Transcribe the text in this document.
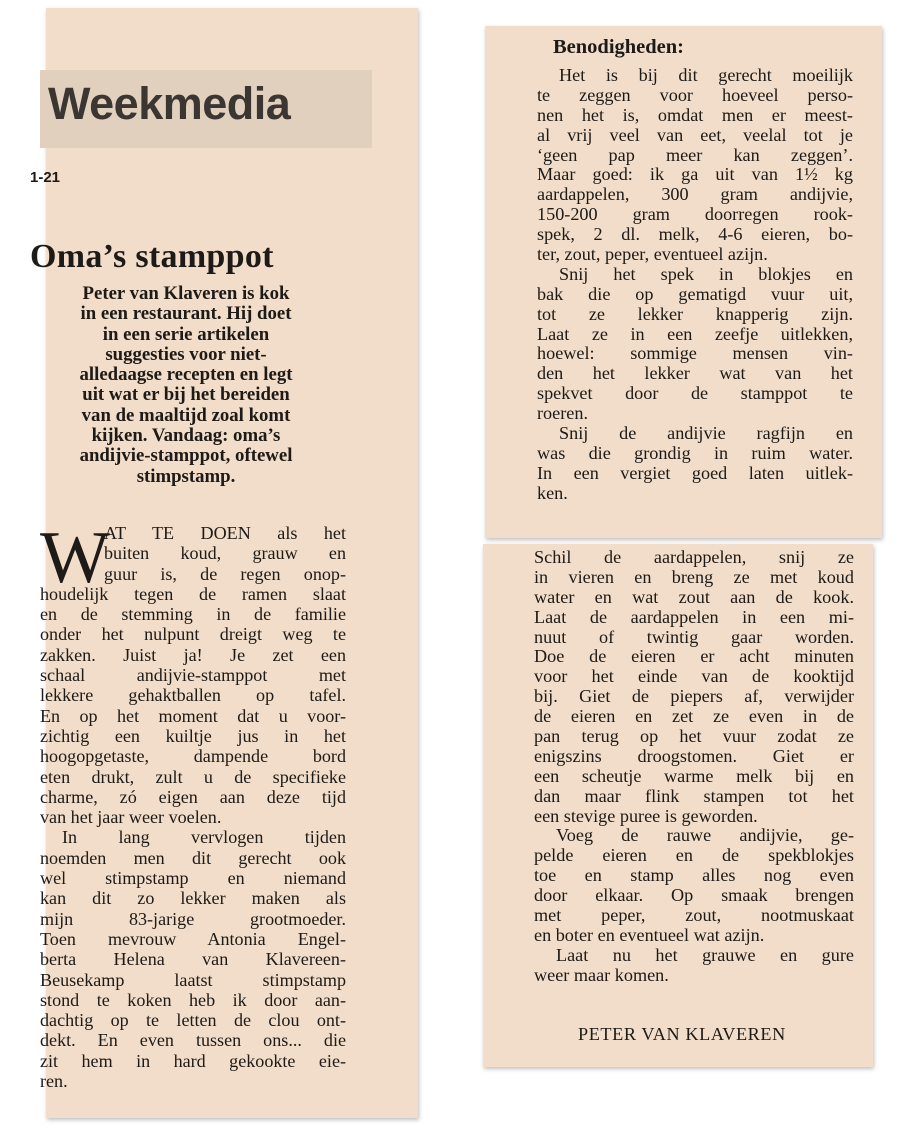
Weekmedia
1-21
Oma’s stamppot
Peter van Klaveren is kok
in een restaurant. Hij doet
in een serie artikelen
suggesties voor niet-
alledaagse recepten en legt
uit wat er bij het bereiden
van de maaltijd zoal komt
kijken. Vandaag: oma’s
andijvie-stamppot, oftewel
stimpstamp.
W
AT TE DOEN als het
buiten koud, grauw en
guur is, de regen onop-
houdelijk tegen de ramen slaat
en de stemming in de familie
onder het nulpunt dreigt weg te
zakken. Juist ja! Je zet een
schaal andijvie-stamppot met
lekkere gehaktballen op tafel.
En op het moment dat u voor-
zichtig een kuiltje jus in het
hoogopgetaste, dampende bord
eten drukt, zult u de specifieke
charme, zó eigen aan deze tijd
van het jaar weer voelen.
In lang vervlogen tijden
noemden men dit gerecht ook
wel stimpstamp en niemand
kan dit zo lekker maken als
mijn 83-jarige grootmoeder.
Toen mevrouw Antonia Engel-
berta Helena van Klavereen-
Beusekamp laatst stimpstamp
stond te koken heb ik door aan-
dachtig op te letten de clou ont-
dekt. En even tussen ons... die
zit hem in hard gekookte eie-
ren.
Benodigheden:
Het is bij dit gerecht moeilijk
te zeggen voor hoeveel perso-
nen het is, omdat men er meest-
al vrij veel van eet, veelal tot je
‘geen pap meer kan zeggen’.
Maar goed: ik ga uit van 1½ kg
aardappelen, 300 gram andijvie,
150-200 gram doorregen rook-
spek, 2 dl. melk, 4-6 eieren, bo-
ter, zout, peper, eventueel azijn.
Snij het spek in blokjes en
bak die op gematigd vuur uit,
tot ze lekker knapperig zijn.
Laat ze in een zeefje uitlekken,
hoewel: sommige mensen vin-
den het lekker wat van het
spekvet door de stamppot te
roeren.
Snij de andijvie ragfijn en
was die grondig in ruim water.
In een vergiet goed laten uitlek-
ken.
Schil de aardappelen, snij ze
in vieren en breng ze met koud
water en wat zout aan de kook.
Laat de aardappelen in een mi-
nuut of twintig gaar worden.
Doe de eieren er acht minuten
voor het einde van de kooktijd
bij. Giet de piepers af, verwijder
de eieren en zet ze even in de
pan terug op het vuur zodat ze
enigszins droogstomen. Giet er
een scheutje warme melk bij en
dan maar flink stampen tot het
een stevige puree is geworden.
Voeg de rauwe andijvie, ge-
pelde eieren en de spekblokjes
toe en stamp alles nog even
door elkaar. Op smaak brengen
met peper, zout, nootmuskaat
en boter en eventueel wat azijn.
Laat nu het grauwe en gure
weer maar komen.
PETER VAN KLAVEREN
